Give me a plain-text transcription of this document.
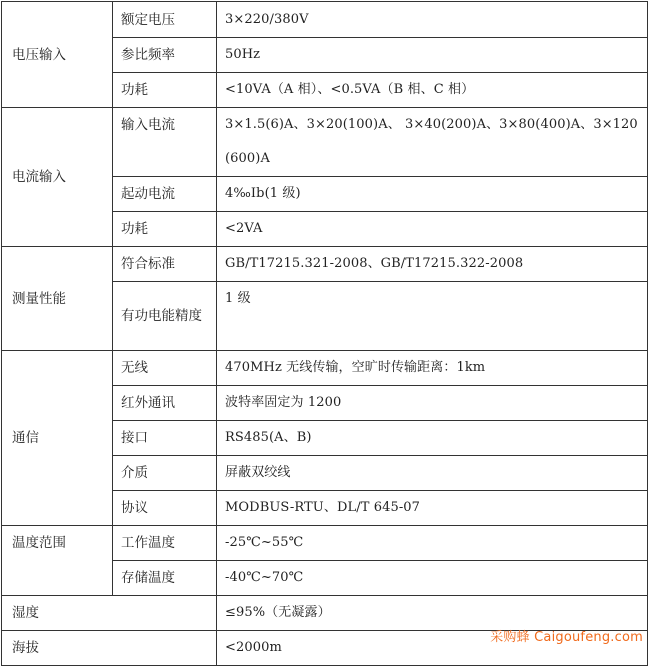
电压输入	额定电压	3×220/380V
	参比频率	50Hz
	功耗	<10VA（A 相）、<0.5VA（B 相、C 相）
电流输入	输入电流	3×1.5(6)A、3×20(100)A、 3×40(200)A、3×80(400)A、3×120(600)A
	起动电流	4‰Ib(1 级)
	功耗	<2VA
测量性能	符合标准	GB/T17215.321-2008、GB/T17215.322-2008
	有功电能精度	1 级
通信	无线	470MHz 无线传输，空旷时传输距离：1km
	红外通讯	波特率固定为 1200
	接口	RS485(A、B)
	介质	屏蔽双绞线
	协议	MODBUS-RTU、DL/T 645-07
温度范围	工作温度	-25℃~55℃
	存储温度	-40℃~70℃
湿度		≤95%（无凝露）
海拔		<2000m
采购蜂 Caigoufeng.com
